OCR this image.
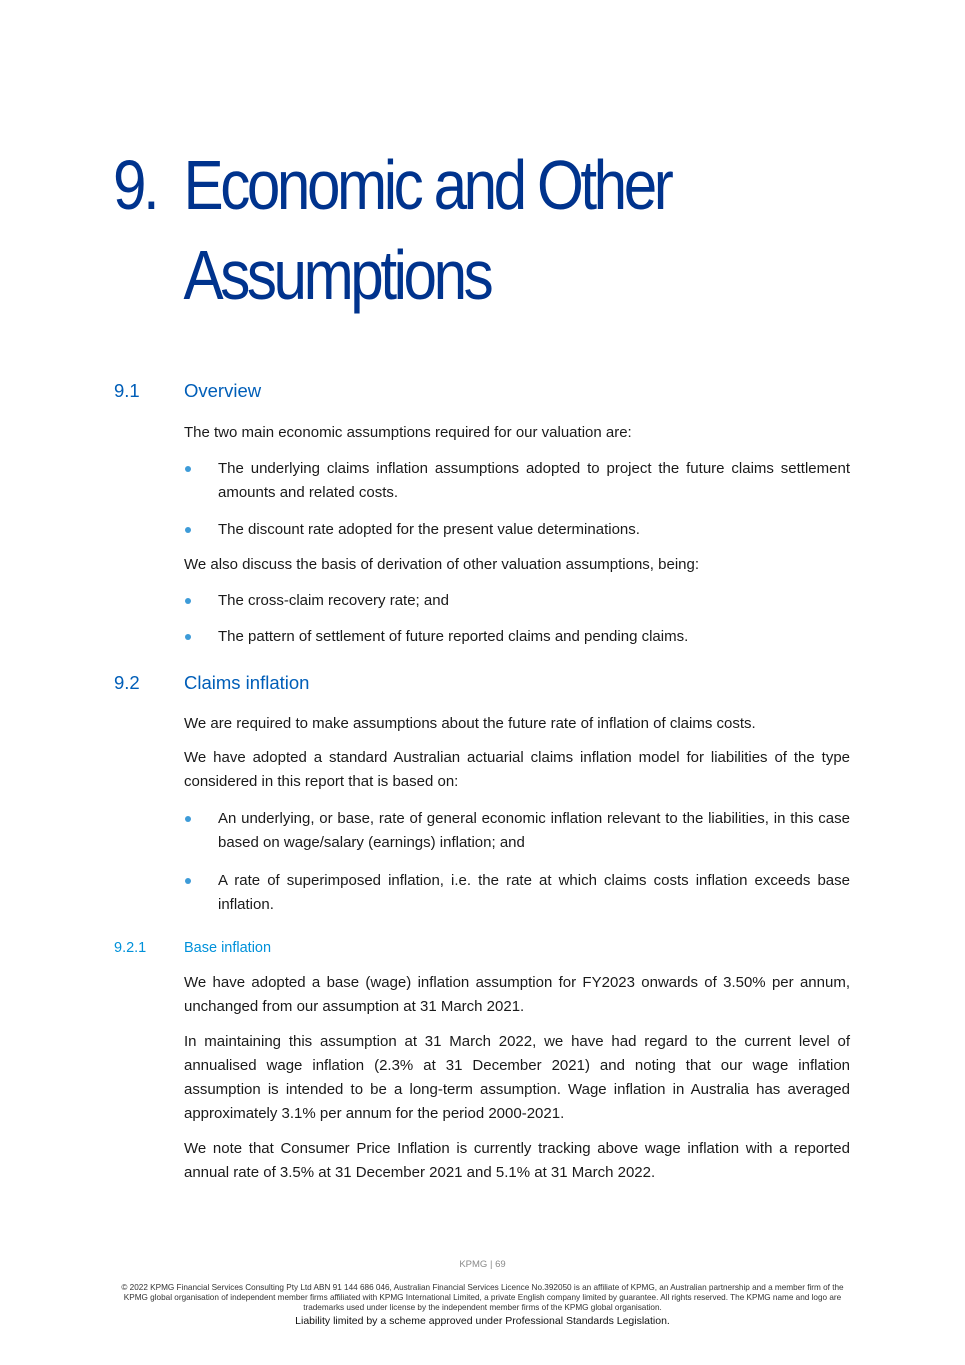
9. Economic and Other
Assumptions
9.1 Overview
The two main economic assumptions required for our valuation are:
The underlying claims inflation assumptions adopted to project the future claims settlement amounts and related costs.
The discount rate adopted for the present value determinations.
We also discuss the basis of derivation of other valuation assumptions, being:
The cross-claim recovery rate; and
The pattern of settlement of future reported claims and pending claims.
9.2 Claims inflation
We are required to make assumptions about the future rate of inflation of claims costs.
We have adopted a standard Australian actuarial claims inflation model for liabilities of the type considered in this report that is based on:
An underlying, or base, rate of general economic inflation relevant to the liabilities, in this case based on wage/salary (earnings) inflation; and
A rate of superimposed inflation, i.e. the rate at which claims costs inflation exceeds base inflation.
9.2.1	Base inflation
We have adopted a base (wage) inflation assumption for FY2023 onwards of 3.50% per annum, unchanged from our assumption at 31 March 2021.
In maintaining this assumption at 31 March 2022, we have had regard to the current level of annualised wage inflation (2.3% at 31 December 2021) and noting that our wage inflation assumption is intended to be a long-term assumption. Wage inflation in Australia has averaged approximately 3.1% per annum for the period 2000-2021.
We note that Consumer Price Inflation is currently tracking above wage inflation with a reported annual rate of 3.5% at 31 December 2021 and 5.1% at 31 March 2022.
KPMG | 69
© 2022 KPMG Financial Services Consulting Pty Ltd ABN 91 144 686 046, Australian Financial Services Licence No.392050 is an affiliate of KPMG, an Australian partnership and a member firm of the KPMG global organisation of independent member firms affiliated with KPMG International Limited, a private English company limited by guarantee. All rights reserved. The KPMG name and logo are trademarks used under license by the independent member firms of the KPMG global organisation.
Liability limited by a scheme approved under Professional Standards Legislation.
